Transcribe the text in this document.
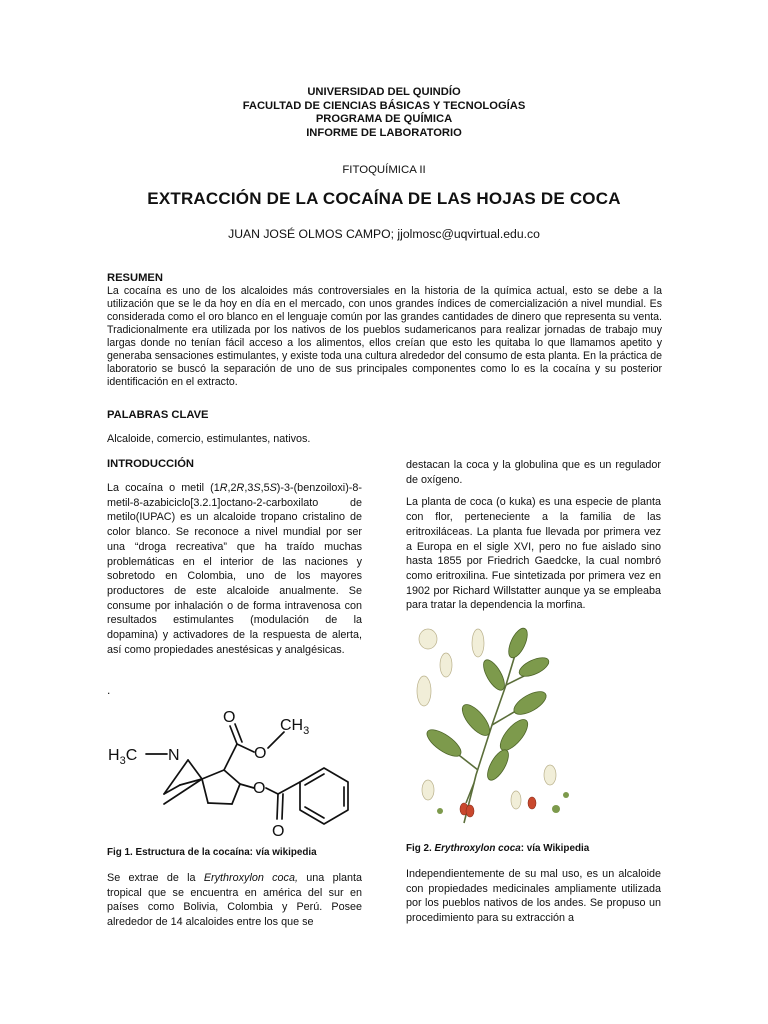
UNIVERSIDAD DEL QUINDÍO
FACULTAD DE CIENCIAS BÁSICAS Y TECNOLOGÍAS
PROGRAMA DE QUÍMICA
INFORME DE LABORATORIO
FITOQUÍMICA II
EXTRACCIÓN DE LA COCAÍNA DE LAS HOJAS DE COCA
JUAN JOSÉ OLMOS CAMPO; jjolmosc@uqvirtual.edu.co
RESUMEN
La cocaína es uno de los alcaloides más controversiales en la historia de la química actual, esto se debe a la utilización que se le da hoy en día en el mercado, con unos grandes índices de comercialización a nivel mundial. Es considerada como el oro blanco en el lenguaje común por las grandes cantidades de dinero que representa su venta. Tradicionalmente era utilizada por los nativos de los pueblos sudamericanos para realizar jornadas de trabajo muy largas donde no tenían fácil acceso a los alimentos, ellos creían que esto les quitaba lo que llamamos apetito y generaba sensaciones estimulantes, y existe toda una cultura alrededor del consumo de esta planta. En la práctica de laboratorio se buscó la separación de uno de sus principales componentes como lo es la cocaína y su posterior identificación en el extracto.
PALABRAS CLAVE
Alcaloide, comercio, estimulantes, nativos.
INTRODUCCIÓN

La cocaína o metil (1R,2R,3S,5S)-3-(benzoiloxi)-8-metil-8-azabiciclo[3.2.1]octano-2-carboxilato de metilo(IUPAC) es un alcaloide tropano cristalino de color blanco. Se reconoce a nivel mundial por ser una “droga recreativa” que ha traído muchas problemáticas en el interior de las naciones y sobretodo en Colombia, uno de los mayores productores de este alcaloide anualmente. Se consume por inhalación o de forma intravenosa con resultados estimulantes (modulación de la dopamina) y activadores de la respuesta de alerta, así como propiedades anestésicas y analgésicas.

.
$H_3C$ N
O
O
$CH_3$
O
O
Fig 1. Estructura de la cocaína: vía wikipedia

Se extrae de la Erythroxylon coca, una planta tropical que se encuentra en américa del sur en países como Bolivia, Colombia y Perú. Posee alrededor de 14 alcaloides entre los que se

destacan la coca y la globulina que es un regulador de oxígeno.

La planta de coca (o kuka) es una especie de planta con flor, perteneciente a la familia de las eritroxiláceas. La planta fue llevada por primera vez a Europa en el sigle XVI, pero no fue aislado sino hasta 1855 por Friedrich Gaedcke, la cual nombró como eritroxilina. Fue sintetizada por primera vez en 1902 por Richard Willstatter aunque ya se empleaba para tratar la dependencia la morfina.

Fig 2. Erythroxylon coca: vía Wikipedia

Independientemente de su mal uso, es un alcaloide con propiedades medicinales ampliamente utilizada por los pueblos nativos de los andes. Se propuso un procedimiento para su extracción a
